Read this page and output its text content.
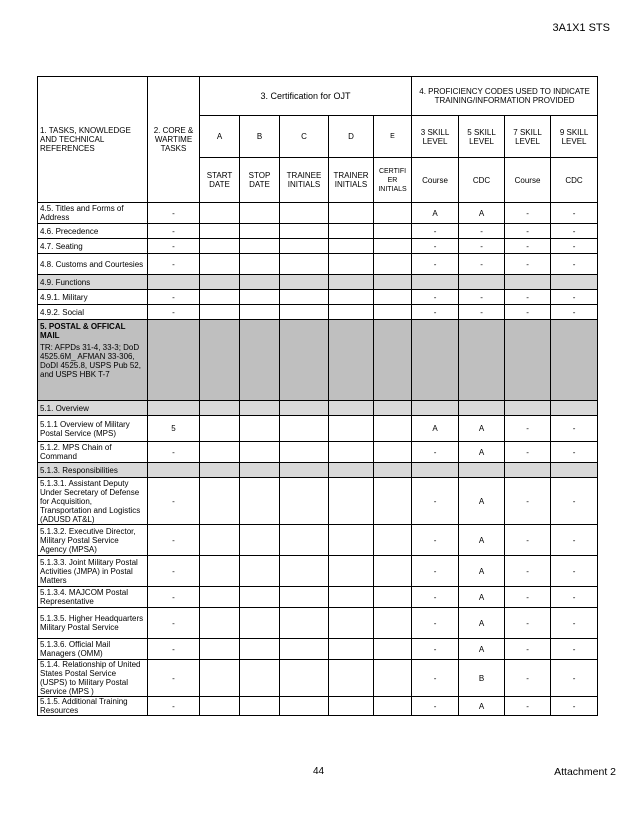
3A1X1 STS
1. TASKS, KNOWLEDGE AND TECHNICAL REFERENCES	2. CORE & WARTIME TASKS	3. Certification for OJT					4. PROFICIENCY CODES USED TO INDICATE TRAINING/INFORMATION PROVIDED			
		A	B	C	D	E	3 SKILL LEVEL	5 SKILL LEVEL	7 SKILL LEVEL	9 SKILL LEVEL
		START DATE	STOP DATE	TRAINEE INITIALS	TRAINER INITIALS	CERTIFI ER INITIALS	Course	CDC	Course	CDC
4.5. Titles and Forms of Address	-						A	A	-	-
4.6. Precedence	-						-	-	-	-
4.7. Seating	-						-	-	-	-
4.8. Customs and Courtesies	-						-	-	-	-
4.9. Functions										
4.9.1. Military	-						-	-	-	-
4.9.2. Social	-						-	-	-	-

5. POSTAL & OFFICAL MAIL
TR: AFPDs 31-4, 33-3; DoD 4525.6M_ AFMAN 33-306, DoDI 4525.8, USPS Pub 52, and USPS HBK T-7										

5.1. Overview										
5.1.1 Overview of Military Postal Service (MPS)	5						A	A	-	-
5.1.2. MPS Chain of Command	-						-	A	-	-
5.1.3. Responsibilities										
5.1.3.1. Assistant Deputy Under Secretary of Defense for Acquisition, Transportation and Logistics (ADUSD AT&L)	-						-	A	-	-
5.1.3.2. Executive Director, Military Postal Service Agency (MPSA)	-						-	A	-	-
5.1.3.3. Joint Military Postal Activities (JMPA) in Postal Matters	-						-	A	-	-
5.1.3.4. MAJCOM Postal Representative	-						-	A	-	-
5.1.3.5. Higher Headquarters Military Postal Service	-						-	A	-	-
5.1.3.6. Official Mail Managers (OMM)	-						-	A	-	-
5.1.4. Relationship of United States Postal Service (USPS) to Military Postal Service (MPS )	-						-	B	-	-
5.1.5. Additional Training Resources	-						-	A	-	-
44	Attachment 2
